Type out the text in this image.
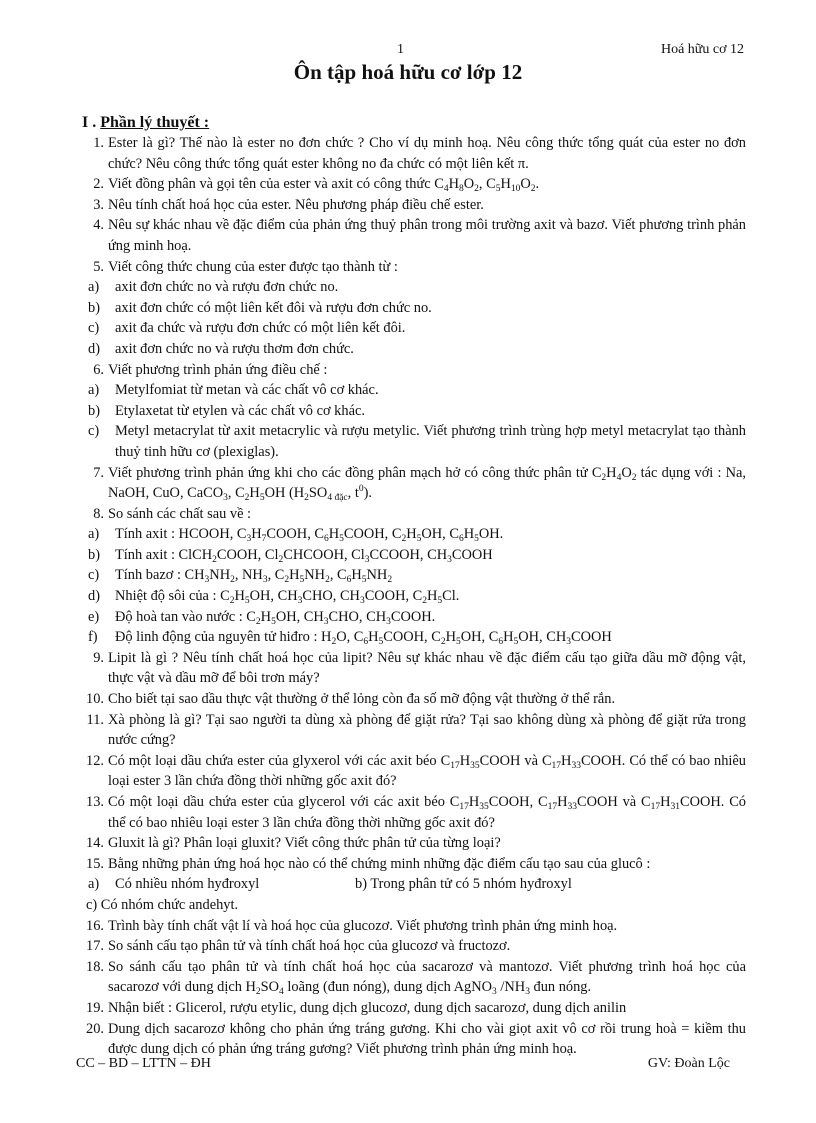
1	Hoá hữu cơ 12
Ôn tập hoá hữu cơ lớp 12
I . Phần lý thuyết :
1. Ester là gì? Thế nào là ester no đơn chức ? Cho ví dụ minh hoạ. Nêu công thức tổng quát của ester no đơn chức? Nêu công thức tổng quát ester không no đa chức có một liên kết π.
2. Viết đồng phân và gọi tên của ester và axit có công thức $C_4H_8O_2$, $C_5H_{10}O_2$.
3. Nêu tính chất hoá học của ester. Nêu phương pháp điều chế ester.
4. Nêu sự khác nhau về đặc điểm của phản ứng thuỷ phân trong môi trường axit và bazơ. Viết phương trình phản ứng minh hoạ.
5. Viết công thức chung của ester được tạo thành từ :
a) axit đơn chức no và rượu đơn chức no.
b) axit đơn chức có một liên kết đôi và rượu đơn chức no.
c) axit đa chức và rượu đơn chức có một liên kết đôi.
d) axit đơn chức no và rượu thơm đơn chức.
6. Viết phương trình phản ứng điều chế :
a) Metylfomiat từ metan và các chất vô cơ khác.
b) Etylaxetat từ etylen và các chất vô cơ khác.
c) Metyl metacrylat từ axit metacrylic và rượu metylic. Viết phương trình trùng hợp metyl metacrylat tạo thành thuỷ tinh hữu cơ (plexiglas).
7. Viết phương trình phản ứng khi cho các đồng phân mạch hở có công thức phân tử $C_2H_4O_2$ tác dụng với : Na, NaOH, CuO, CaCO$_3$, $C_2H_5OH$ ($H_2SO_{4 đặc}$, $t^0$).
8. So sánh các chất sau về :
a) Tính axit : HCOOH, $C_3H_7COOH$, $C_6H_5COOH$, $C_2H_5OH$, $C_6H_5OH$.
b) Tính axit : ClCH$_2$COOH, $Cl_2CHCOOH$, $Cl_3CCOOH$, $CH_3COOH$
c) Tính bazơ : $CH_3NH_2$, $NH_3$, $C_2H_5NH_2$, $C_6H_5NH_2$
d) Nhiệt độ sôi của : $C_2H_5OH$, $CH_3CHO$, $CH_3COOH$, $C_2H_5Cl$.
e) Độ hoà tan vào nước : $C_2H_5OH$, $CH_3CHO$, $CH_3COOH$.
f) Độ linh động của nguyên tử hiđro : $H_2O$, $C_6H_5COOH$, $C_2H_5OH$, $C_6H_5OH$, $CH_3COOH$
9. Lipit là gì ? Nêu tính chất hoá học của lipit? Nêu sự khác nhau về đặc điểm cấu tạo giữa dầu mỡ động vật, thực vật và dầu mỡ để bôi trơn máy?
10. Cho biết tại sao dầu thực vật thường ở thể lỏng còn đa số mỡ động vật thường ở thể rắn.
11. Xà phòng là gì? Tại sao người ta dùng xà phòng để giặt rửa? Tại sao không dùng xà phòng để giặt rửa trong nước cứng?
12. Có một loại dầu chứa ester của glyxerol với các axit béo $C_{17}H_{35}COOH$ và $C_{17}H_{33}COOH$. Có thể có bao nhiêu loại ester 3 lần chứa đồng thời những gốc axit đó?
13. Có một loại dầu chứa ester của glycerol với các axit béo $C_{17}H_{35}COOH$, $C_{17}H_{33}COOH$ và $C_{17}H_{31}COOH$. Có thể có bao nhiêu loại ester 3 lần chứa đồng thời những gốc axit đó?
14. Gluxit là gì? Phân loại gluxit? Viết công thức phân tử của từng loại?
15. Bằng những phản ứng hoá học nào có thể chứng minh những đặc điểm cấu tạo sau của glucô :
a) Có nhiều nhóm hyđroxyl	b) Trong phân tử có 5 nhóm hyđroxyl
c) Có nhóm chức andehyt.
16. Trình bày tính chất vật lí và hoá học của glucozơ. Viết phương trình phản ứng minh hoạ.
17. So sánh cấu tạo phân tử và tính chất hoá học của glucozơ và fructozơ.
18. So sánh cấu tạo phân tử và tính chất hoá học của sacarozơ và mantozơ. Viết phương trình hoá học của sacarozơ với dung dịch $H_2SO_4$ loãng (đun nóng), dung dịch AgNO$_3$ $/NH_3$ đun nóng.
19. Nhận biết : Glicerol, rượu etylic, dung dịch glucozơ, dung dịch sacarozơ, dung dịch anilin
20. Dung dịch sacarozơ không cho phản ứng tráng gương. Khi cho vài giọt axit vô cơ rồi trung hoà = kiềm thu được dung dịch có phản ứng tráng gương? Viết phương trình phản ứng minh hoạ.
CC – BD – LTTN – ĐH	GV: Đoàn Lộc
